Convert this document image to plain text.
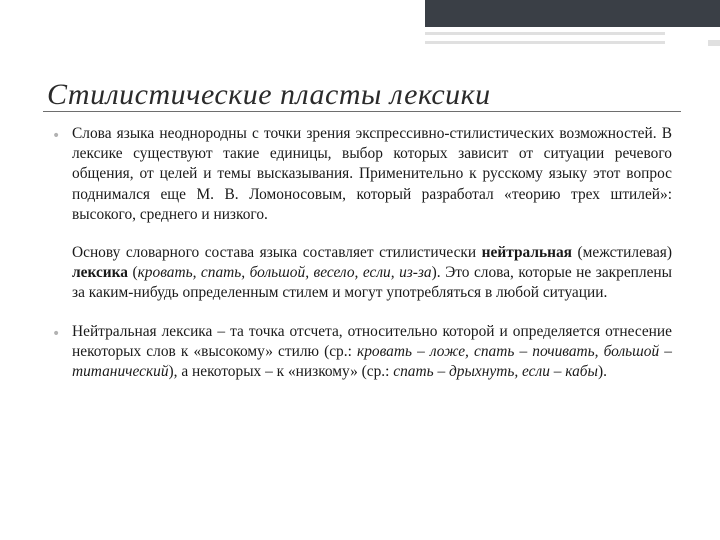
Стилистические пласты лексики

• Слова языка неоднородны с точки зрения экспрессивно-стилистических возможностей. В лексике существуют такие единицы, выбор которых зависит от ситуации речевого общения, от целей и темы высказывания. Применительно к русскому языку этот вопрос поднимался еще М. В. Ломоносовым, который разработал «теорию трех штилей»: высокого, среднего и низкого.

Основу словарного состава языка составляет стилистически нейтральная (межстилевая) лексика (кровать, спать, большой, весело, если, из-за). Это слова, которые не закреплены за каким-нибудь определенным стилем и могут употребляться в любой ситуации.

• Нейтральная лексика – та точка отсчета, относительно которой и определяется отнесение некоторых слов к «высокому» стилю (ср.: кровать – ложе, спать – почивать, большой – титанический), а некоторых – к «низкому» (ср.: спать – дрыхнуть, если – кабы).
